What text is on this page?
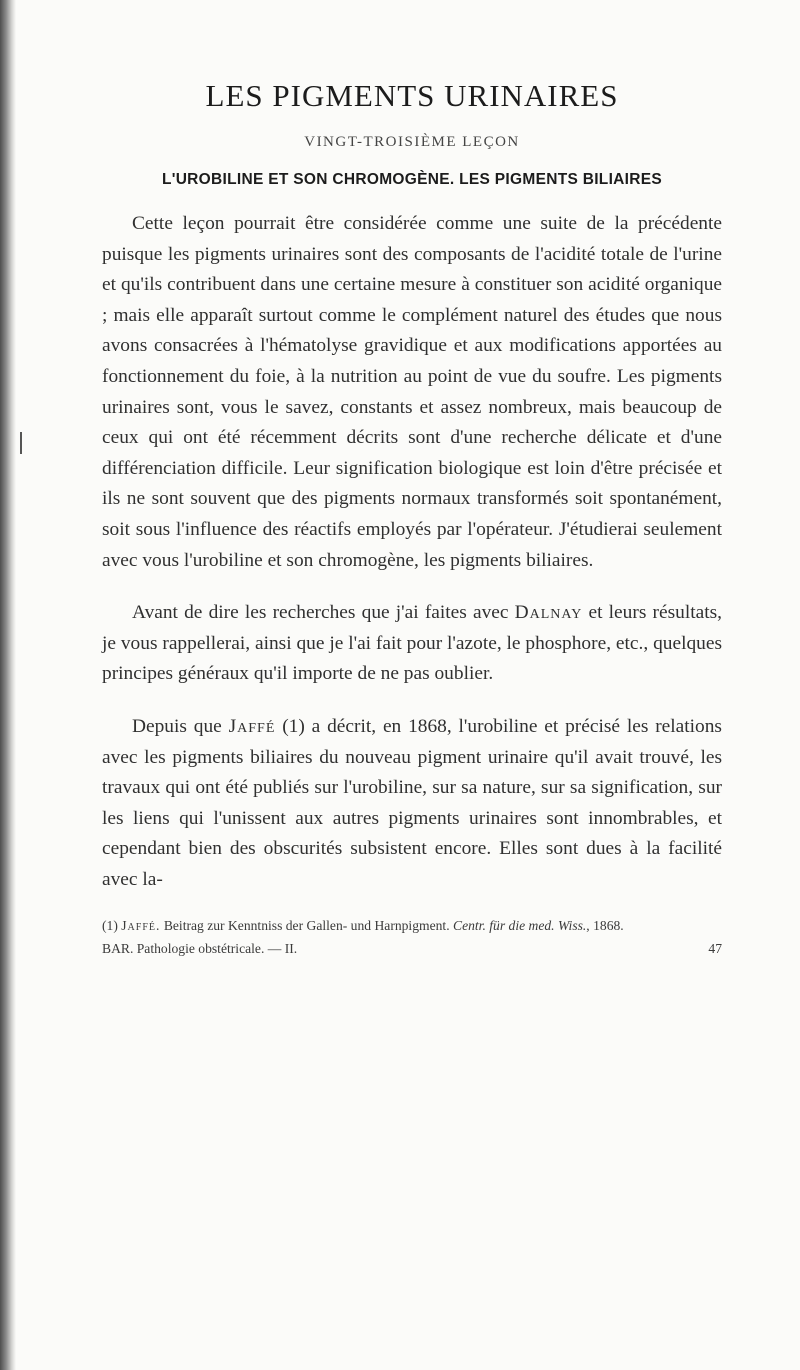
LES PIGMENTS URINAIRES
VINGT-TROISIÈME LEÇON
L'UROBILINE ET SON CHROMOGÈNE. LES PIGMENTS BILIAIRES

Cette leçon pourrait être considérée comme une suite de la précédente puisque les pigments urinaires sont des composants de l'acidité totale de l'urine et qu'ils contribuent dans une certaine mesure à constituer son acidité organique ; mais elle apparaît surtout comme le complément naturel des études que nous avons consacrées à l'hématolyse gravidique et aux modifications apportées au fonctionnement du foie, à la nutrition au point de vue du soufre. Les pigments urinaires sont, vous le savez, constants et assez nombreux, mais beaucoup de ceux qui ont été récemment décrits sont d'une recherche délicate et d'une différenciation difficile. Leur signification biologique est loin d'être précisée et ils ne sont souvent que des pigments normaux transformés soit spontanément, soit sous l'influence des réactifs employés par l'opérateur. J'étudierai seulement avec vous l'urobiline et son chromogène, les pigments biliaires.

Avant de dire les recherches que j'ai faites avec Dalnay et leurs résultats, je vous rappellerai, ainsi que je l'ai fait pour l'azote, le phosphore, etc., quelques principes généraux qu'il importe de ne pas oublier.

Depuis que Jaffé (1) a décrit, en 1868, l'urobiline et précisé les relations avec les pigments biliaires du nouveau pigment urinaire qu'il avait trouvé, les travaux qui ont été publiés sur l'urobiline, sur sa nature, sur sa signification, sur les liens qui l'unissent aux autres pigments urinaires sont innombrables, et cependant bien des obscurités subsistent encore. Elles sont dues à la facilité avec la-

(1) Jaffé. Beitrag zur Kenntniss der Gallen- und Harnpigment. Centr. für die med. Wiss., 1868.
BAR. Pathologie obstétricale. — II.	47
